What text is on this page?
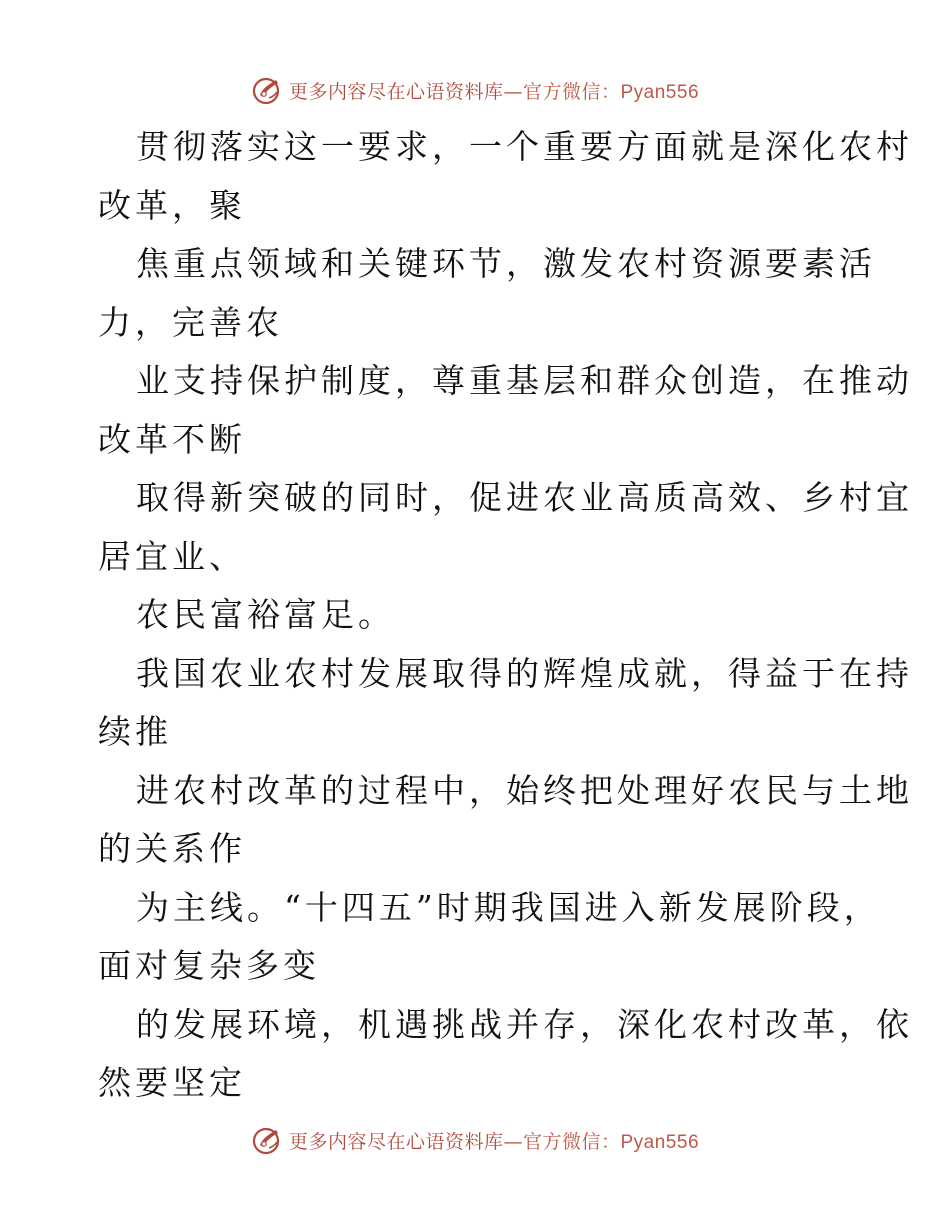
更多内容尽在心语资料库—官方微信：Pyan556
贯彻落实这一要求，一个重要方面就是深化农村
改革，聚
焦重点领域和关键环节，激发农村资源要素活
力，完善农
业支持保护制度，尊重基层和群众创造，在推动
改革不断
取得新突破的同时，促进农业高质高效、乡村宜
居宜业、
农民富裕富足。
我国农业农村发展取得的辉煌成就，得益于在持
续推
进农村改革的过程中，始终把处理好农民与土地
的关系作
为主线。“十四五”时期我国进入新发展阶段，
面对复杂多变
的发展环境，机遇挑战并存，深化农村改革，依
然要坚定
更多内容尽在心语资料库—官方微信：Pyan556
